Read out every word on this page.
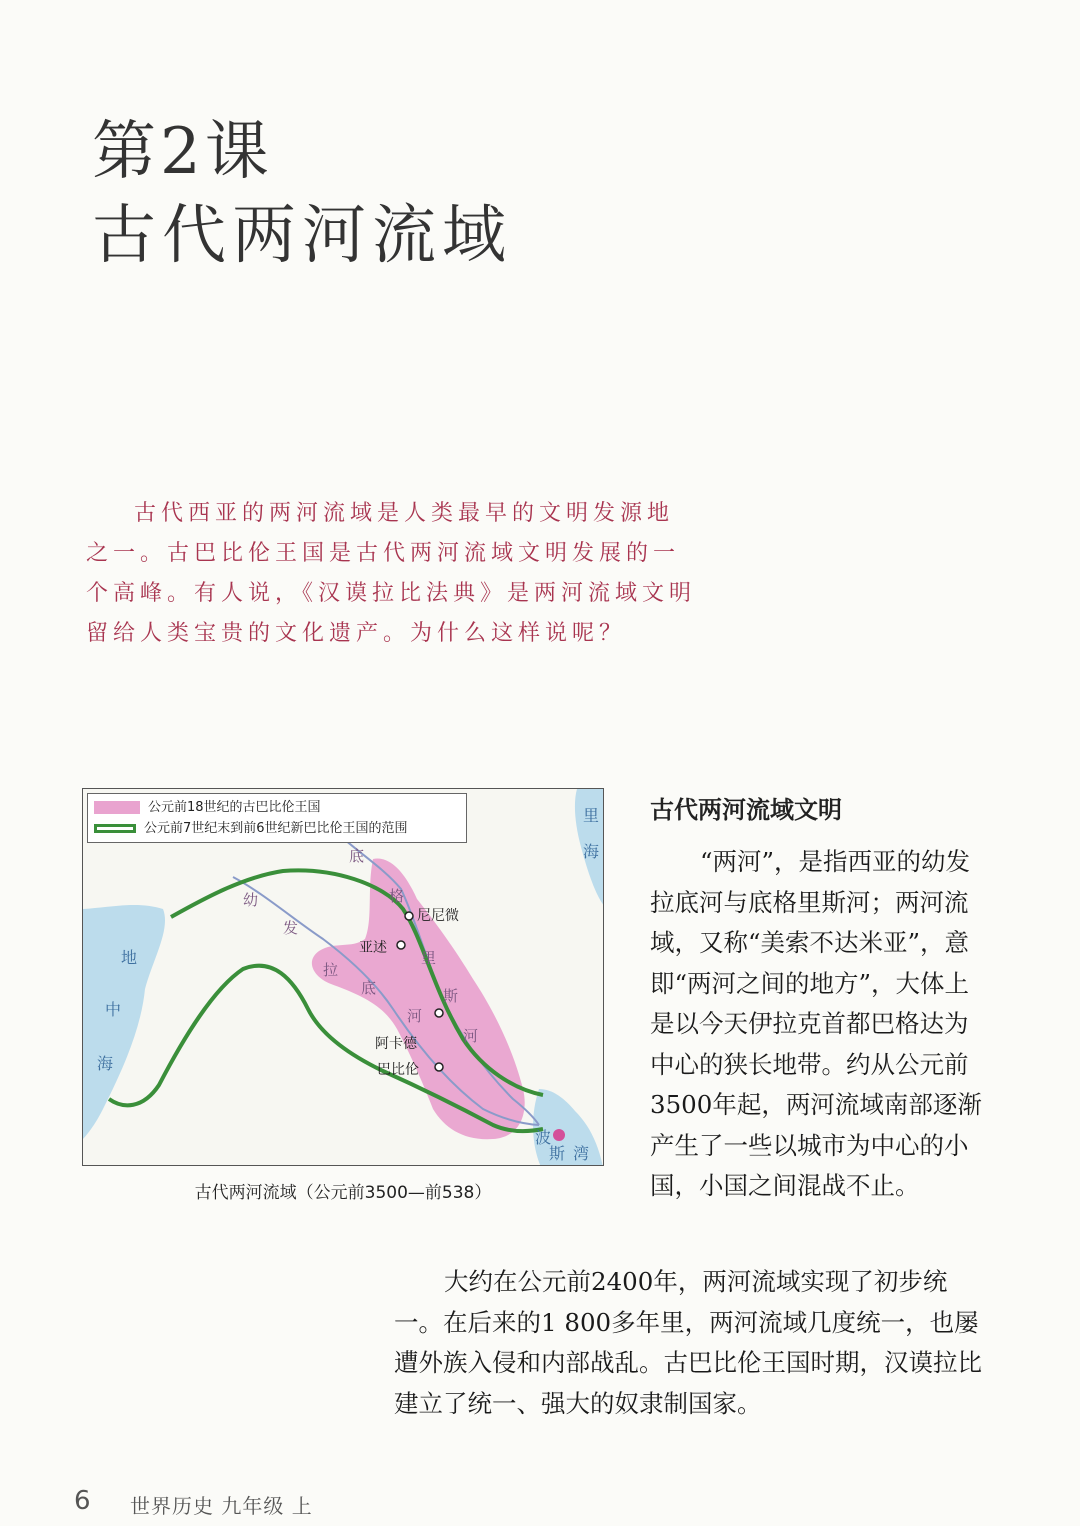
第2课
古代两河流域

古代西亚的两河流域是人类最早的文明发源地之一。古巴比伦王国是古代两河流域文明发展的一个高峰。有人说，《汉谟拉比法典》是两河流域文明留给人类宝贵的文化遗产。为什么这样说呢？

公元前18世纪的古巴比伦王国
公元前7世纪末到前6世纪新巴比伦王国的范围
地
中
海
里
海
波
斯 湾
幼
发
拉
底
河
底
格
里
斯
河
尼尼微
亚述
阿卡德
巴比伦
古代两河流域（公元前3500—前538）
古代两河流域文明

“两河”，是指西亚的幼发拉底河与底格里斯河；两河流域，又称“美索不达米亚”，意即“两河之间的地方”，大体上是以今天伊拉克首都巴格达为中心的狭长地带。约从公元前3500年起，两河流域南部逐渐产生了一些以城市为中心的小国，小国之间混战不止。

大约在公元前2400年，两河流域实现了初步统一。在后来的1 800多年里，两河流域几度统一，也屡遭外族入侵和内部战乱。古巴比伦王国时期，汉谟拉比建立了统一、强大的奴隶制国家。

6 世界历史 九年级 上
